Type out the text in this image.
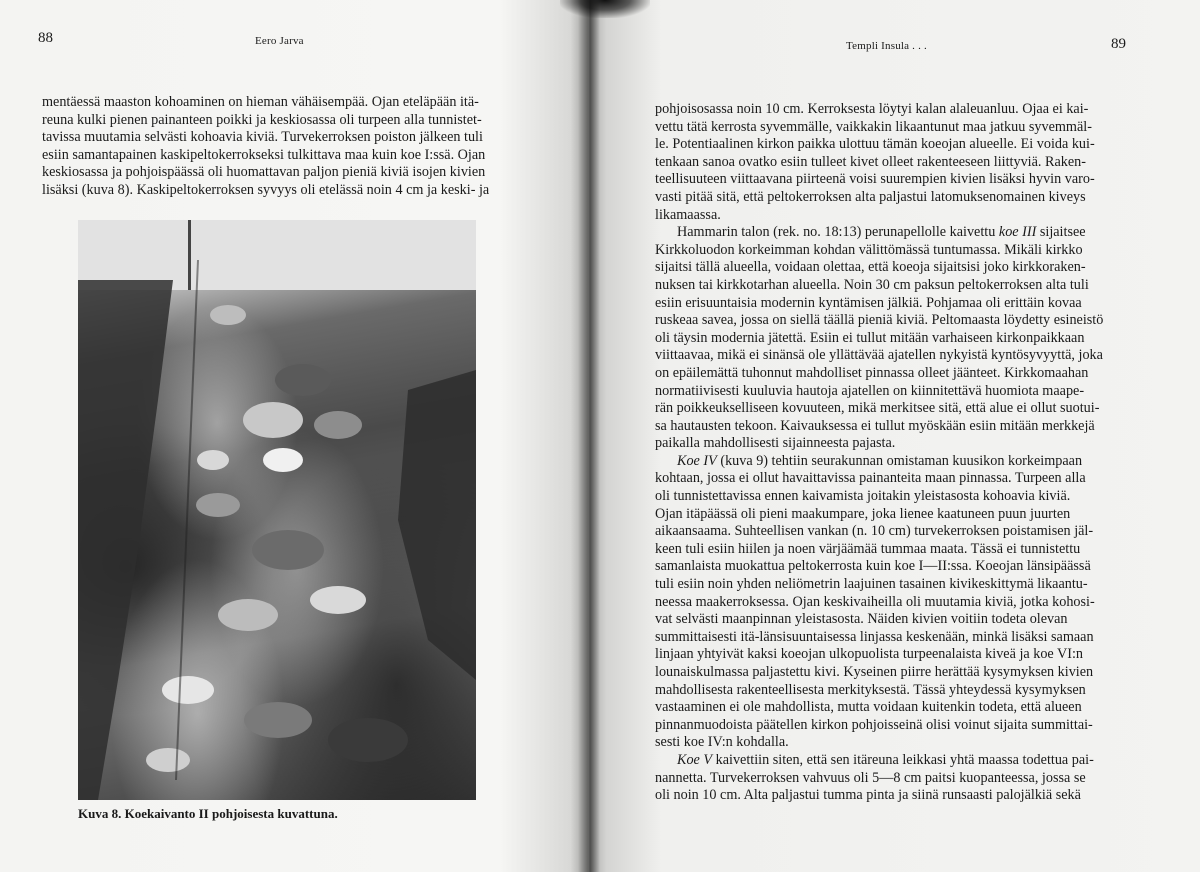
88	Eero Jarva
mentäessä maaston kohoaminen on hieman vähäisempää. Ojan eteläpään itä-
reuna kulki pienen painanteen poikki ja keskiosassa oli turpeen alla tunnistet-
tavissa muutamia selvästi kohoavia kiviä. Turvekerroksen poiston jälkeen tuli
esiin samantapainen kaskipeltokerrokseksi tulkittava maa kuin koe I:ssä. Ojan
keskiosassa ja pohjoispäässä oli huomattavan paljon pieniä kiviä isojen kivien
lisäksi (kuva 8). Kaskipeltokerroksen syvyys oli etelässä noin 4 cm ja keski- ja
Kuva 8. Koekaivanto II pohjoisesta kuvattuna.
Templi Insula . . .	89
pohjoisosassa noin 10 cm. Kerroksesta löytyi kalan alaleuanluu. Ojaa ei kai-
vettu tätä kerrosta syvemmälle, vaikkakin likaantunut maa jatkuu syvemmäl-
le. Potentiaalinen kirkon paikka ulottuu tämän koeojan alueelle. Ei voida kui-
tenkaan sanoa ovatko esiin tulleet kivet olleet rakenteeseen liittyviä. Raken-
teellisuuteen viittaavana piirteenä voisi suurempien kivien lisäksi hyvin varo-
vasti pitää sitä, että peltokerroksen alta paljastui latomuksenomainen kiveys
likamaassa.
Hammarin talon (rek. no. 18:13) perunapellolle kaivettu koe III sijaitsee
Kirkkoluodon korkeimman kohdan välittömässä tuntumassa. Mikäli kirkko
sijaitsi tällä alueella, voidaan olettaa, että koeoja sijaitsisi joko kirkkoraken-
nuksen tai kirkkotarhan alueella. Noin 30 cm paksun peltokerroksen alta tuli
esiin erisuuntaisia modernin kyntämisen jälkiä. Pohjamaa oli erittäin kovaa
ruskeaa savea, jossa on siellä täällä pieniä kiviä. Peltomaasta löydetty esineistö
oli täysin modernia jätettä. Esiin ei tullut mitään varhaiseen kirkonpaikkaan
viittaavaa, mikä ei sinänsä ole yllättävää ajatellen nykyistä kyntösyvyyttä, joka
on epäilemättä tuhonnut mahdolliset pinnassa olleet jäänteet. Kirkkomaahan
normatiivisesti kuuluvia hautoja ajatellen on kiinnitettävä huomiota maape-
rän poikkeukselliseen kovuuteen, mikä merkitsee sitä, että alue ei ollut suotui-
sa hautausten tekoon. Kaivauksessa ei tullut myöskään esiin mitään merkkejä
paikalla mahdollisesti sijainneesta pajasta.
Koe IV (kuva 9) tehtiin seurakunnan omistaman kuusikon korkeimpaan
kohtaan, jossa ei ollut havaittavissa painanteita maan pinnassa. Turpeen alla
oli tunnistettavissa ennen kaivamista joitakin yleistasosta kohoavia kiviä.
Ojan itäpäässä oli pieni maakumpare, joka lienee kaatuneen puun juurten
aikaansaama. Suhteellisen vankan (n. 10 cm) turvekerroksen poistamisen jäl-
keen tuli esiin hiilen ja noen värjäämää tummaa maata. Tässä ei tunnistettu
samanlaista muokattua peltokerrosta kuin koe I—II:ssa. Koeojan länsipäässä
tuli esiin noin yhden neliömetrin laajuinen tasainen kivikeskittymä likaantu-
neessa maakerroksessa. Ojan keskivaiheilla oli muutamia kiviä, jotka kohosi-
vat selvästi maanpinnan yleistasosta. Näiden kivien voitiin todeta olevan
summittaisesti itä-länsisuuntaisessa linjassa keskenään, minkä lisäksi samaan
linjaan yhtyivät kaksi koeojan ulkopuolista turpeenalaista kiveä ja koe VI:n
lounaiskulmassa paljastettu kivi. Kyseinen piirre herättää kysymyksen kivien
mahdollisesta rakenteellisesta merkityksestä. Tässä yhteydessä kysymyksen
vastaaminen ei ole mahdollista, mutta voidaan kuitenkin todeta, että alueen
pinnanmuodoista päätellen kirkon pohjoisseinä olisi voinut sijaita summittai-
sesti koe IV:n kohdalla.
Koe V kaivettiin siten, että sen itäreuna leikkasi yhtä maassa todettua pai-
nannetta. Turvekerroksen vahvuus oli 5—8 cm paitsi kuopanteessa, jossa se
oli noin 10 cm. Alta paljastui tumma pinta ja siinä runsaasti palojälkiä sekä
